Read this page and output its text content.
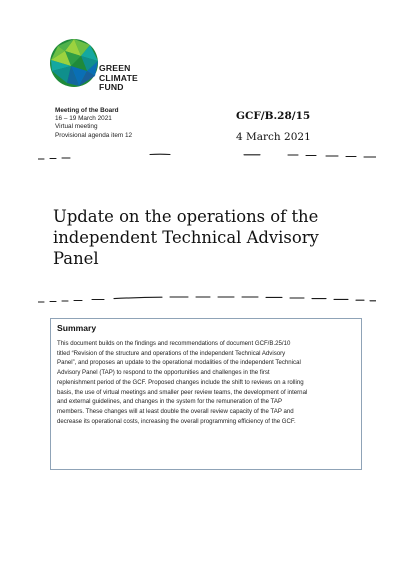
GREEN
CLIMATE
FUND
Meeting of the Board
16 – 19 March 2021
Virtual meeting
Provisional agenda item 12
GCF/B.28/15
4 March 2021
Update on the operations of the
independent Technical Advisory
Panel
Summary
This document builds on the findings and recommendations of document GCF/B.25/10
titled “Revision of the structure and operations of the independent Technical Advisory
Panel”, and proposes an update to the operational modalities of the independent Technical
Advisory Panel (TAP) to respond to the opportunities and challenges in the first
replenishment period of the GCF. Proposed changes include the shift to reviews on a rolling
basis, the use of virtual meetings and smaller peer review teams, the development of internal
and external guidelines, and changes in the system for the remuneration of the TAP
members. These changes will at least double the overall review capacity of the TAP and
decrease its operational costs, increasing the overall programming efficiency of the GCF.
